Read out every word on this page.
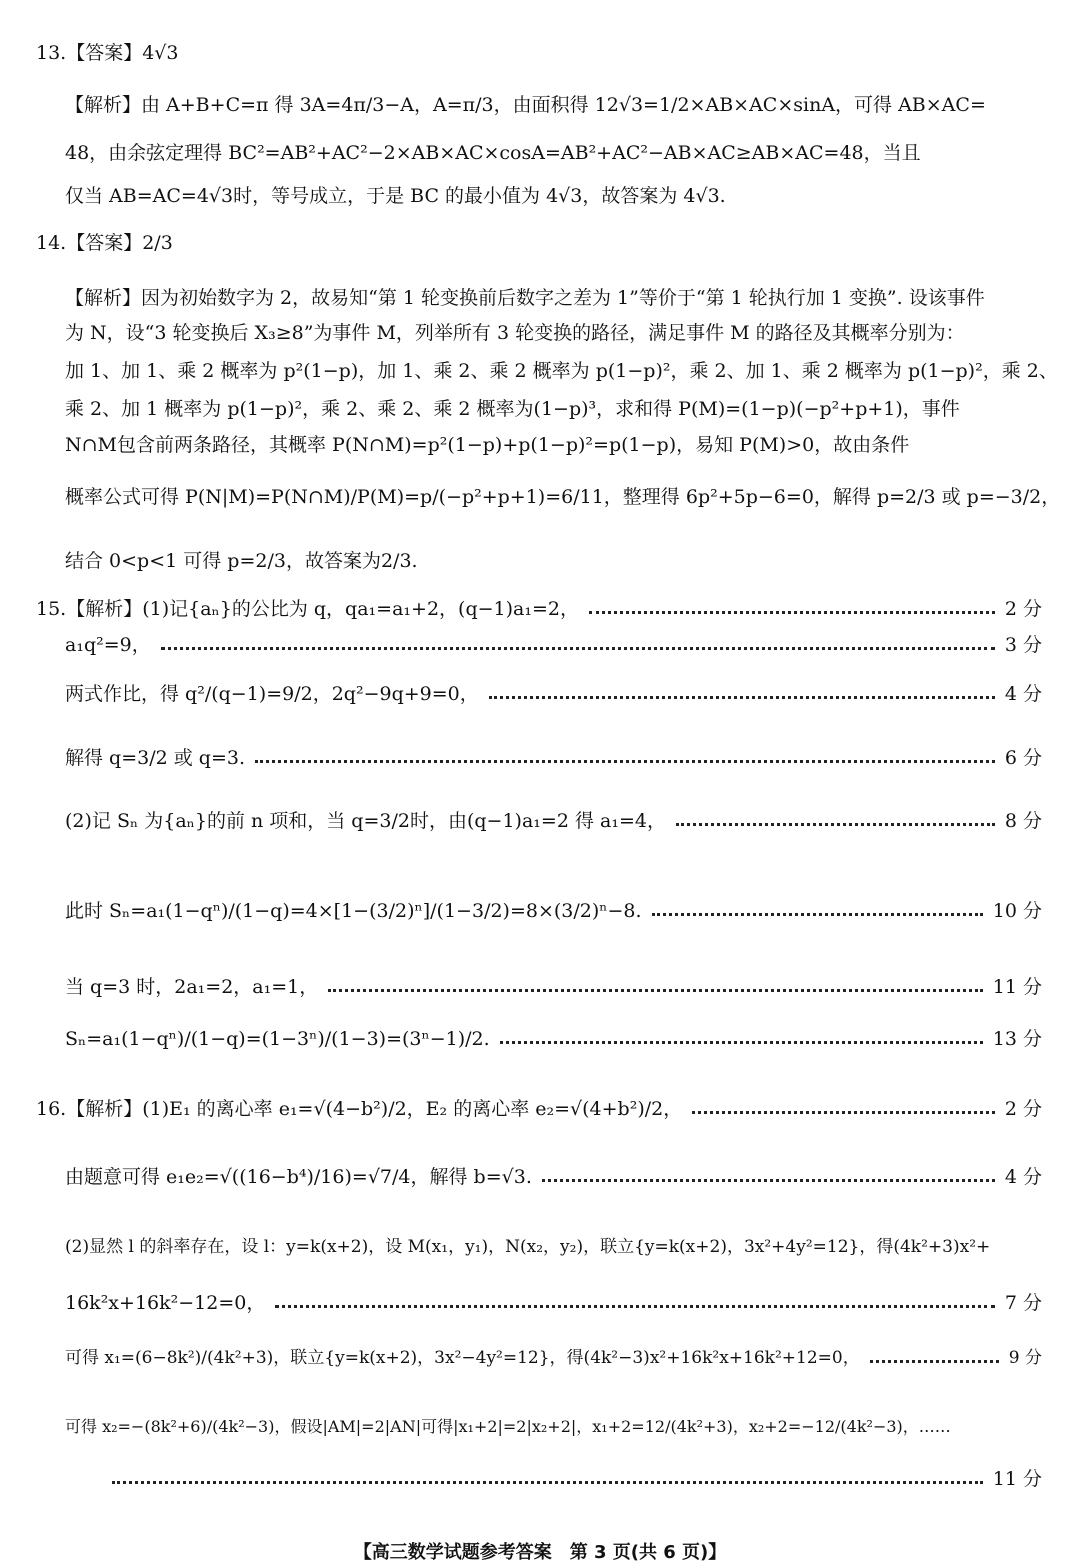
13.【答案】4√3
【解析】由 A+B+C=π 得 3A=4π/3−A，A=π/3，由面积得 12√3=1/2×AB×AC×sinA，可得 AB×AC=
48，由余弦定理得 BC²=AB²+AC²−2×AB×AC×cosA=AB²+AC²−AB×AC≥AB×AC=48，当且
仅当 AB=AC=4√3时，等号成立，于是 BC 的最小值为 4√3，故答案为 4√3.
14.【答案】2/3
【解析】因为初始数字为 2，故易知“第 1 轮变换前后数字之差为 1”等价于“第 1 轮执行加 1 变换”. 设该事件
为 N，设“3 轮变换后 X₃≥8”为事件 M，列举所有 3 轮变换的路径，满足事件 M 的路径及其概率分别为：
加 1、加 1、乘 2 概率为 p²(1−p)，加 1、乘 2、乘 2 概率为 p(1−p)²，乘 2、加 1、乘 2 概率为 p(1−p)²，乘 2、
乘 2、加 1 概率为 p(1−p)²，乘 2、乘 2、乘 2 概率为(1−p)³，求和得 P(M)=(1−p)(−p²+p+1)，事件
N∩M包含前两条路径，其概率 P(N∩M)=p²(1−p)+p(1−p)²=p(1−p)，易知 P(M)>0，故由条件
概率公式可得 P(N|M)=P(N∩M)/P(M)=p/(−p²+p+1)=6/11，整理得 6p²+5p−6=0，解得 p=2/3 或 p=−3/2，
结合 0<p<1 可得 p=2/3，故答案为2/3.
15.【解析】(1)记{aₙ}的公比为 q，qa₁=a₁+2，(q−1)a₁=2，	2 分
a₁q²=9，	3 分
两式作比，得 q²/(q−1)=9/2，2q²−9q+9=0，	4 分
解得 q=3/2 或 q=3.	6 分
(2)记 Sₙ 为{aₙ}的前 n 项和，当 q=3/2时，由(q−1)a₁=2 得 a₁=4，	8 分
此时 Sₙ=a₁(1−qⁿ)/(1−q)=4×[1−(3/2)ⁿ]/(1−3/2)=8×(3/2)ⁿ−8.	10 分
当 q=3 时，2a₁=2，a₁=1，	11 分
Sₙ=a₁(1−qⁿ)/(1−q)=(1−3ⁿ)/(1−3)=(3ⁿ−1)/2.	13 分
16.【解析】(1)E₁ 的离心率 e₁=√(4−b²)/2，E₂ 的离心率 e₂=√(4+b²)/2，	2 分
由题意可得 e₁e₂=√((16−b⁴)/16)=√7/4，解得 b=√3.	4 分
(2)显然 l 的斜率存在，设 l：y=k(x+2)，设 M(x₁，y₁)，N(x₂，y₂)，联立{y=k(x+2)，3x²+4y²=12}，得(4k²+3)x²+
16k²x+16k²−12=0，	7 分
可得 x₁=(6−8k²)/(4k²+3)，联立{y=k(x+2)，3x²−4y²=12}，得(4k²−3)x²+16k²x+16k²+12=0，	9 分
可得 x₂=−(8k²+6)/(4k²−3)，假设|AM|=2|AN|可得|x₁+2|=2|x₂+2|，x₁+2=12/(4k²+3)，x₂+2=−12/(4k²−3)，……
11 分
【高三数学试题参考答案　第 3 页(共 6 页)】
